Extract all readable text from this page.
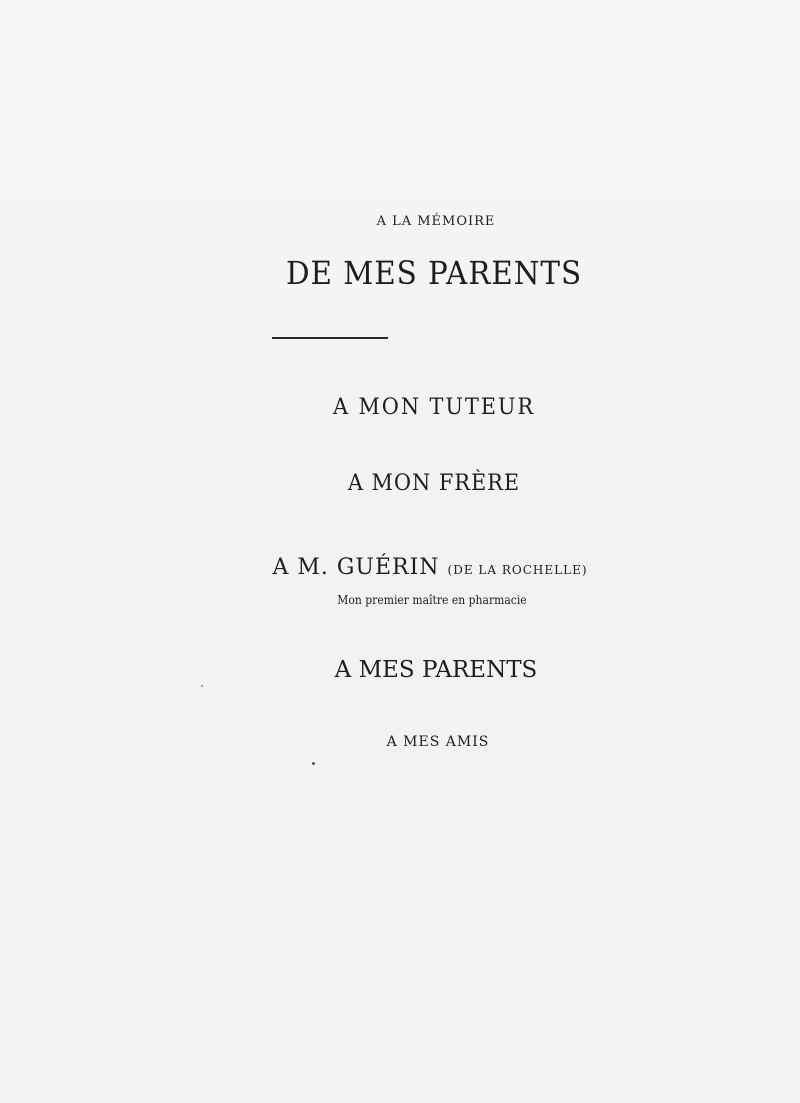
A LA MÉMOIRE
DE MES PARENTS
A MON TUTEUR
A MON FRÈRE
A M. GUÉRIN (DE LA ROCHELLE)
Mon premier maître en pharmacie
A MES PARENTS
A MES AMIS
